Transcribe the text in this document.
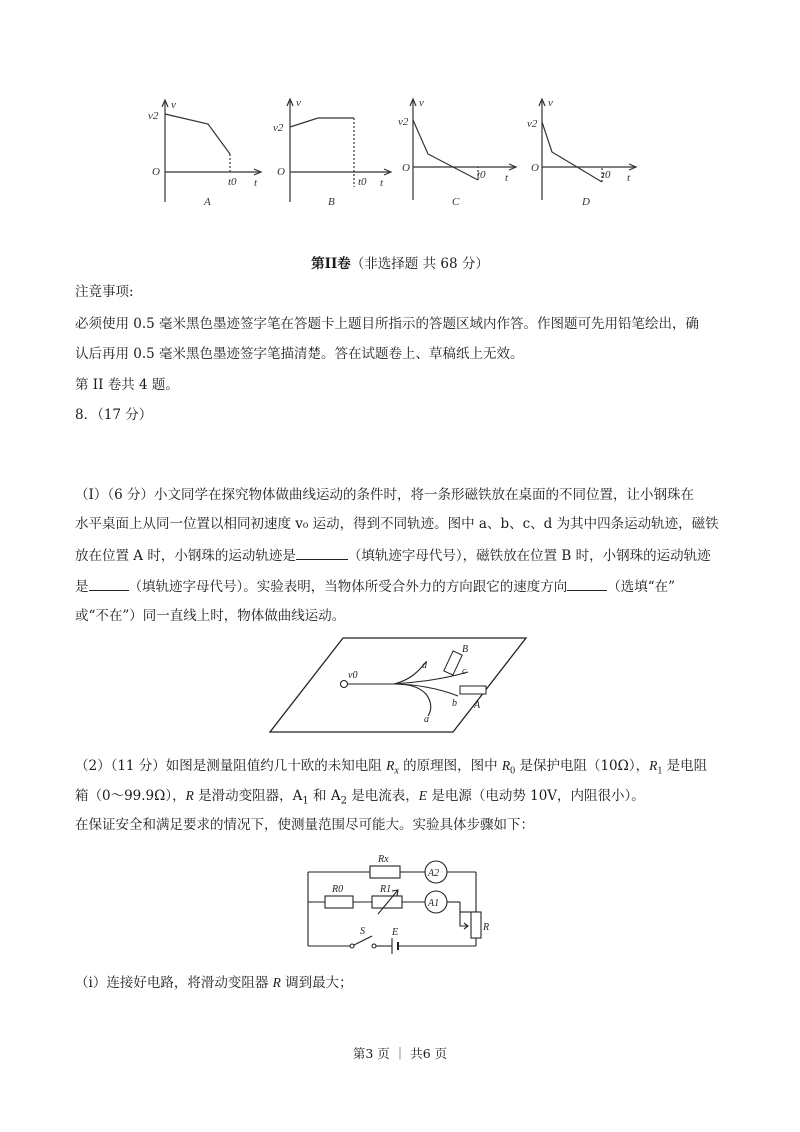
v
v2
O
t0 t
A
v
v2
O
t0 t
B
v
v2
O
t0 t
C
v
v2
O
t0 t
D
第II卷（非选择题 共 68 分）
注竟事项:
必须使用 0.5 毫米黑色墨迹签字笔在答题卡上题目所指示的答题区域内作答。作图题可先用铅笔绘出，确
认后再用 0.5 毫米黑色墨迹签字笔描清楚。答在试题卷上、草稿纸上无效。
第 II 卷共 4 题。
8．（17 分）
（I）（6 分）小文同学在探究物体做曲线运动的条件时，将一条形磁铁放在桌面的不同位置，让小钢珠在
水平桌面上从同一位置以相同初速度 v₀ 运动，得到不同轨迹。图中 a、b、c、d 为其中四条运动轨迹，磁铁
放在位置 A 时，小钢珠的运动轨迹是	（填轨迹字母代号），磁铁放在位置 B 时，小钢珠的运动轨迹
是	（填轨迹字母代号）。实验表明，当物体所受合外力的方向跟它的速度方向	（选填“在”
或“不在”）同一直线上时，物体做曲线运动。
v0
a
b
c
d
B
A
（2）（11 分）如图是测量阻值约几十欧的未知电阻 $R_x$ 的原理图，图中 $R_0$ 是保护电阻（10Ω），$R_1$ 是电阻
箱（0～99.9Ω），R 是滑动变阻器，$A_1$ 和 $A_2$ 是电流表，E 是电源（电动势 10V，内阻很小）。
在保证安全和满足要求的情况下，使测量范围尽可能大。实验具体步骤如下：
Rx
A2
R0	R1
A1
R
S	E
（i）连接好电路，将滑动变阻器 R 调到最大；
第3 页 ｜ 共6 页
